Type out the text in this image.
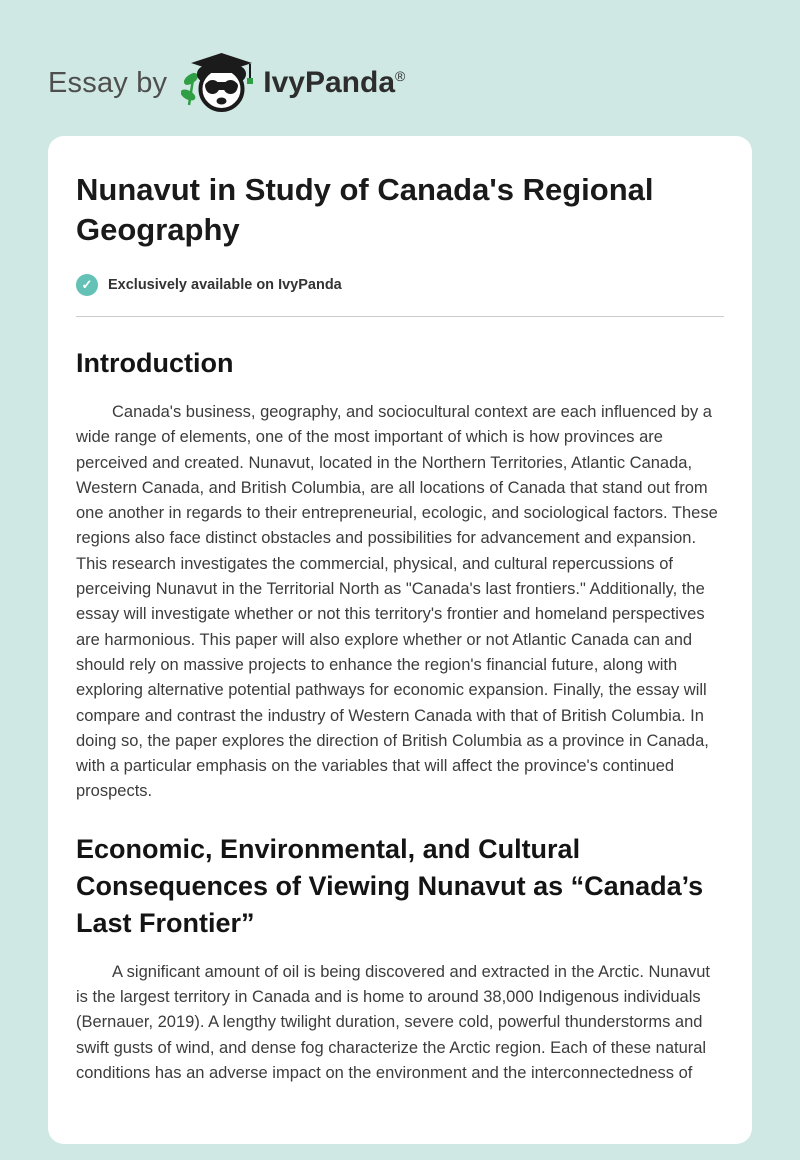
Essay by	IvyPanda®
Nunavut in Study of Canada's Regional Geography
✓	Exclusively available on IvyPanda
Introduction

Canada's business, geography, and sociocultural context are each influenced by a wide range of elements, one of the most important of which is how provinces are perceived and created. Nunavut, located in the Northern Territories, Atlantic Canada, Western Canada, and British Columbia, are all locations of Canada that stand out from one another in regards to their entrepreneurial, ecologic, and sociological factors. These regions also face distinct obstacles and possibilities for advancement and expansion. This research investigates the commercial, physical, and cultural repercussions of perceiving Nunavut in the Territorial North as "Canada's last frontiers." Additionally, the essay will investigate whether or not this territory's frontier and homeland perspectives are harmonious. This paper will also explore whether or not Atlantic Canada can and should rely on massive projects to enhance the region's financial future, along with exploring alternative potential pathways for economic expansion. Finally, the essay will compare and contrast the industry of Western Canada with that of British Columbia. In doing so, the paper explores the direction of British Columbia as a province in Canada, with a particular emphasis on the variables that will affect the province's continued prospects.

Economic, Environmental, and Cultural Consequences of Viewing Nunavut as “Canada’s Last Frontier”

A significant amount of oil is being discovered and extracted in the Arctic. Nunavut is the largest territory in Canada and is home to around 38,000 Indigenous individuals (Bernauer, 2019). A lengthy twilight duration, severe cold, powerful thunderstorms and swift gusts of wind, and dense fog characterize the Arctic region. Each of these natural conditions has an adverse impact on the environment and the interconnectedness of
